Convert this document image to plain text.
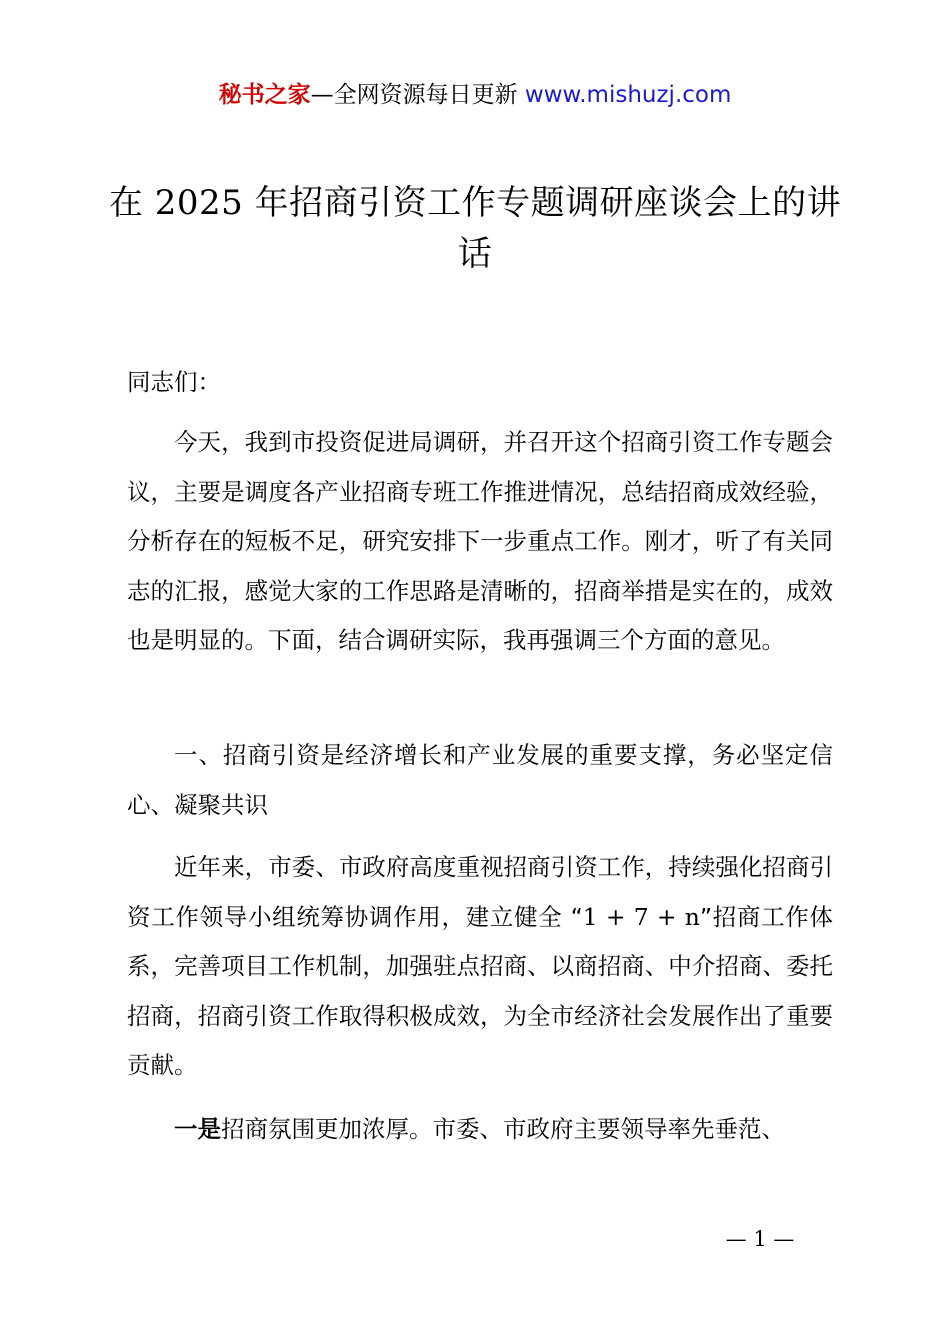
秘书之家—全网资源每日更新 www.mishuzj.com
在 2025 年招商引资工作专题调研座谈会上的讲话
同志们：
今天，我到市投资促进局调研，并召开这个招商引资工作专题会议，主要是调度各产业招商专班工作推进情况，总结招商成效经验，分析存在的短板不足，研究安排下一步重点工作。刚才，听了有关同志的汇报，感觉大家的工作思路是清晰的，招商举措是实在的，成效也是明显的。下面，结合调研实际，我再强调三个方面的意见。
一、招商引资是经济增长和产业发展的重要支撑，务必坚定信心、凝聚共识
近年来，市委、市政府高度重视招商引资工作，持续强化招商引资工作领导小组统筹协调作用，建立健全 “1 + 7 + n”招商工作体系，完善项目工作机制，加强驻点招商、以商招商、中介招商、委托招商，招商引资工作取得积极成效，为全市经济社会发展作出了重要贡献。
一是招商氛围更加浓厚。市委、市政府主要领导率先垂范、
— 1 —
